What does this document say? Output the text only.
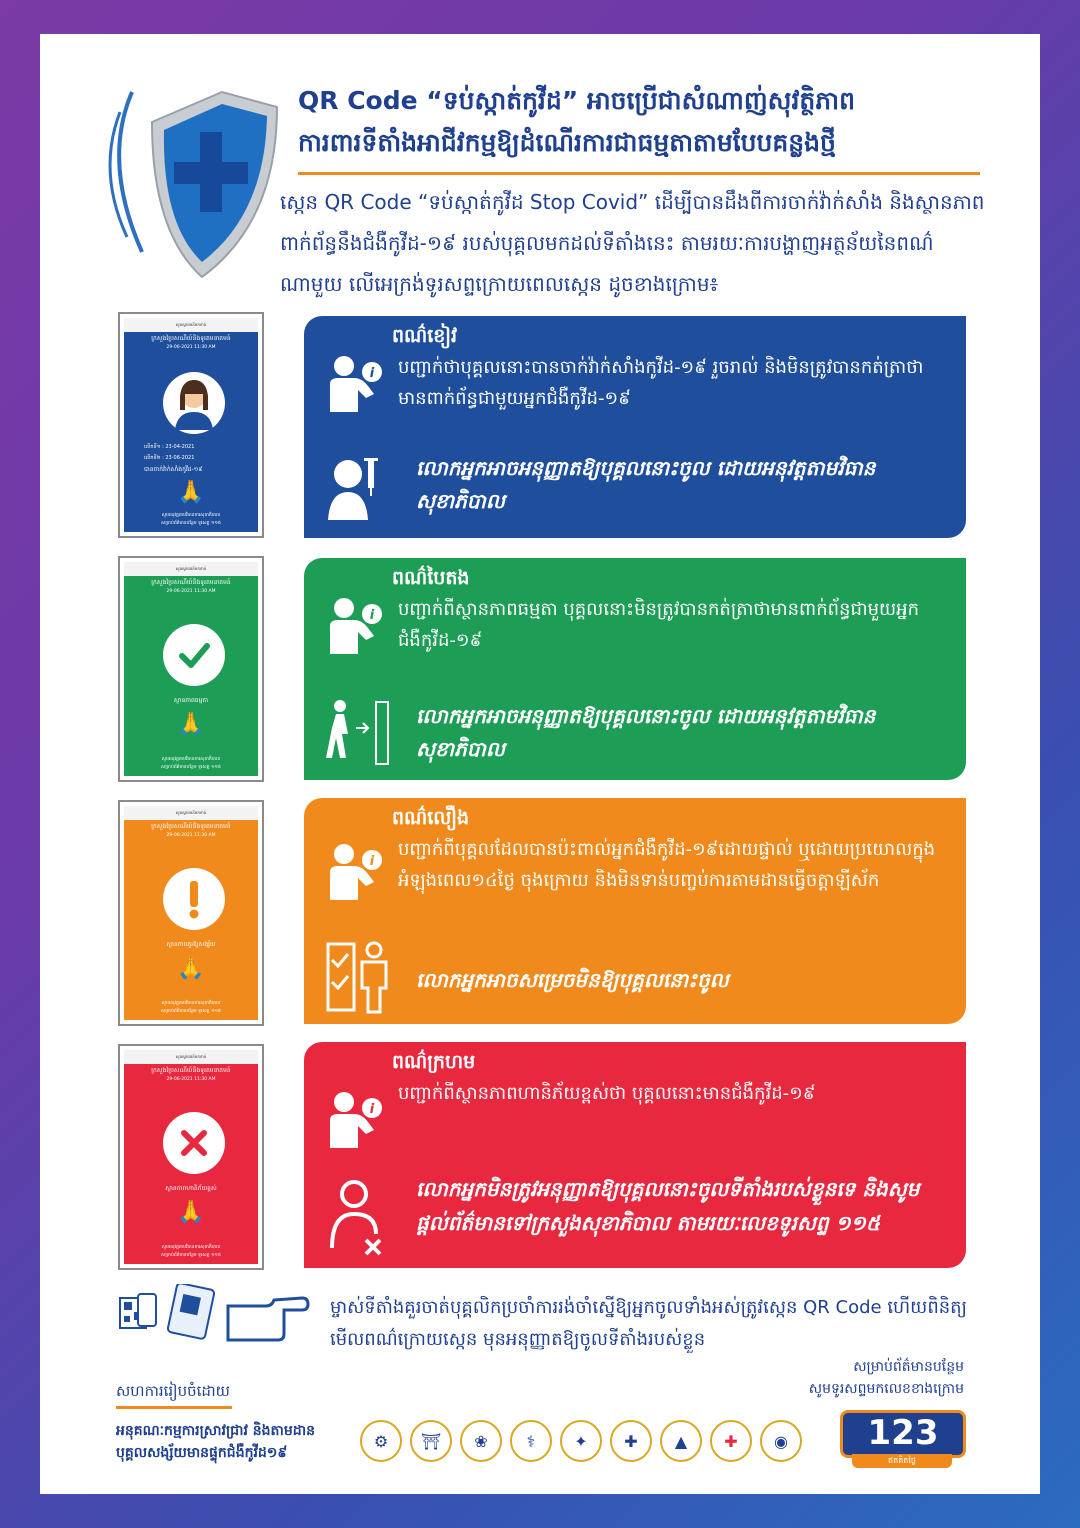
QR Code “ទប់ស្កាត់កូវីដ” អាចប្រើជាសំណាញ់សុវត្ថិភាព
ការពារទីតាំងអាជីវកម្មឱ្យដំណើរការជាធម្មតាតាមបែបគន្លងថ្មី
ស្កេន QR Code “ទប់ស្កាត់កូវីដ Stop Covid” ដើម្បីបានដឹងពីការចាក់វ៉ាក់សាំង និងស្ថានភាពពាក់ព័ន្ធនឹងជំងឺកូវីដ-១៩ របស់បុគ្គលមកដល់ទីតាំងនេះ តាមរយៈការបង្ហាញអត្ថន័យនៃពណ៌ណាមួយ លើអេក្រង់ទូរសព្ទក្រោយពេលស្កេន ដូចខាងក្រោម៖
សូមស្វាគមន៍មកកាន់
ក្រសួងប្រៃសណីយ៍និងទូរគមនាគមន៍
29-06-2021 11:30 AM
លើកទី១ : 23-04-2021
លើកទី២ : 23-06-2021
បានចាក់វ៉ាក់សាំងកូវីដ-១៩
🙏
សូមអនុវត្តតាមវិធានការសុខាភិបាល
សម្រាប់ព័ត៌មានបន្ថែម ទូរសព្ទ ១១៥
សូមស្វាគមន៍មកកាន់
ក្រសួងប្រៃសណីយ៍និងទូរគមនាគមន៍
29-06-2021 11:30 AM
ស្ថានភាពធម្មតា
🙏
សូមអនុវត្តតាមវិធានការសុខាភិបាល
សម្រាប់ព័ត៌មានបន្ថែម ទូរសព្ទ ១១៥
សូមស្វាគមន៍មកកាន់
ក្រសួងប្រៃសណីយ៍និងទូរគមនាគមន៍
29-06-2021 11:30 AM
ស្ថានភាពគួរឱ្យសង្ស័យ
🙏
សូមអនុវត្តតាមវិធានការសុខាភិបាល
សម្រាប់ព័ត៌មានបន្ថែម ទូរសព្ទ ១១៥
សូមស្វាគមន៍មកកាន់
ក្រសួងប្រៃសណីយ៍និងទូរគមនាគមន៍
29-06-2021 11:30 AM
ស្ថានភាពហានិភ័យខ្ពស់
🙏
សូមអនុវត្តតាមវិធានការសុខាភិបាល
សម្រាប់ព័ត៌មានបន្ថែម ទូរសព្ទ ១១៥
ពណ៌ខៀវ
i បញ្ជាក់ថាបុគ្គលនោះបានចាក់វ៉ាក់សាំងកូវីដ-១៩ រួចរាល់ និងមិនត្រូវបានកត់ត្រាថាមានពាក់ព័ន្ធជាមួយអ្នកជំងឺកូវីដ-១៩
លោកអ្នកអាចអនុញ្ញាតឱ្យបុគ្គលនោះចូល ដោយអនុវត្តតាមវិធានសុខាភិបាល
ពណ៌បៃតង
i បញ្ជាក់ពីស្ថានភាពធម្មតា បុគ្គលនោះមិនត្រូវបានកត់ត្រាថាមានពាក់ព័ន្ធជាមួយអ្នកជំងឺកូវីដ-១៩
លោកអ្នកអាចអនុញ្ញាតឱ្យបុគ្គលនោះចូល ដោយអនុវត្តតាមវិធានសុខាភិបាល
ពណ៌លឿង
i
បញ្ជាក់ពីបុគ្គលដែលបានប៉ះពាល់អ្នកជំងឺកូវីដ-១៩ដោយផ្ទាល់ ឬដោយប្រយោលក្នុងអំឡុងពេល១៤ថ្ងៃ ចុងក្រោយ និងមិនទាន់បញ្ចប់ការតាមដានធ្វើចត្តាឡីស័ក
លោកអ្នកអាចសម្រេចមិនឱ្យបុគ្គលនោះចូល
ពណ៌ក្រហម
i
បញ្ជាក់ពីស្ថានភាពហានិភ័យខ្ពស់ថា បុគ្គលនោះមានជំងឺកូវីដ-១៩
លោកអ្នកមិនត្រូវអនុញ្ញាតឱ្យបុគ្គលនោះចូលទីតាំងរបស់ខ្លួនទេ និងសូមផ្តល់ព័ត៌មានទៅក្រសួងសុខាភិបាល តាមរយៈលេខទូរសព្ទ ១១៥
ម្ចាស់ទីតាំងគួរចាត់បុគ្គលិកប្រចាំការរង់ចាំស្នើឱ្យអ្នកចូលទាំងអស់ត្រូវស្កេន QR Code ហើយពិនិត្យមើលពណ៌ក្រោយស្កេន មុនអនុញ្ញាតឱ្យចូលទីតាំងរបស់ខ្លួន
សម្រាប់ព័ត៌មានបន្ថែម
សូមទូរសព្ទមកលេខខាងក្រោម
123
ឥតគិតថ្លៃ
សហការរៀបចំដោយ
អនុគណៈកម្មការស្រាវជ្រាវ និងតាមដាន
បុគ្គលសង្ស័យមានផ្ទុកជំងឺកូវីដ១៩
⚙	⛩	❀	⚕	✦	✚	▲	✚	◉
